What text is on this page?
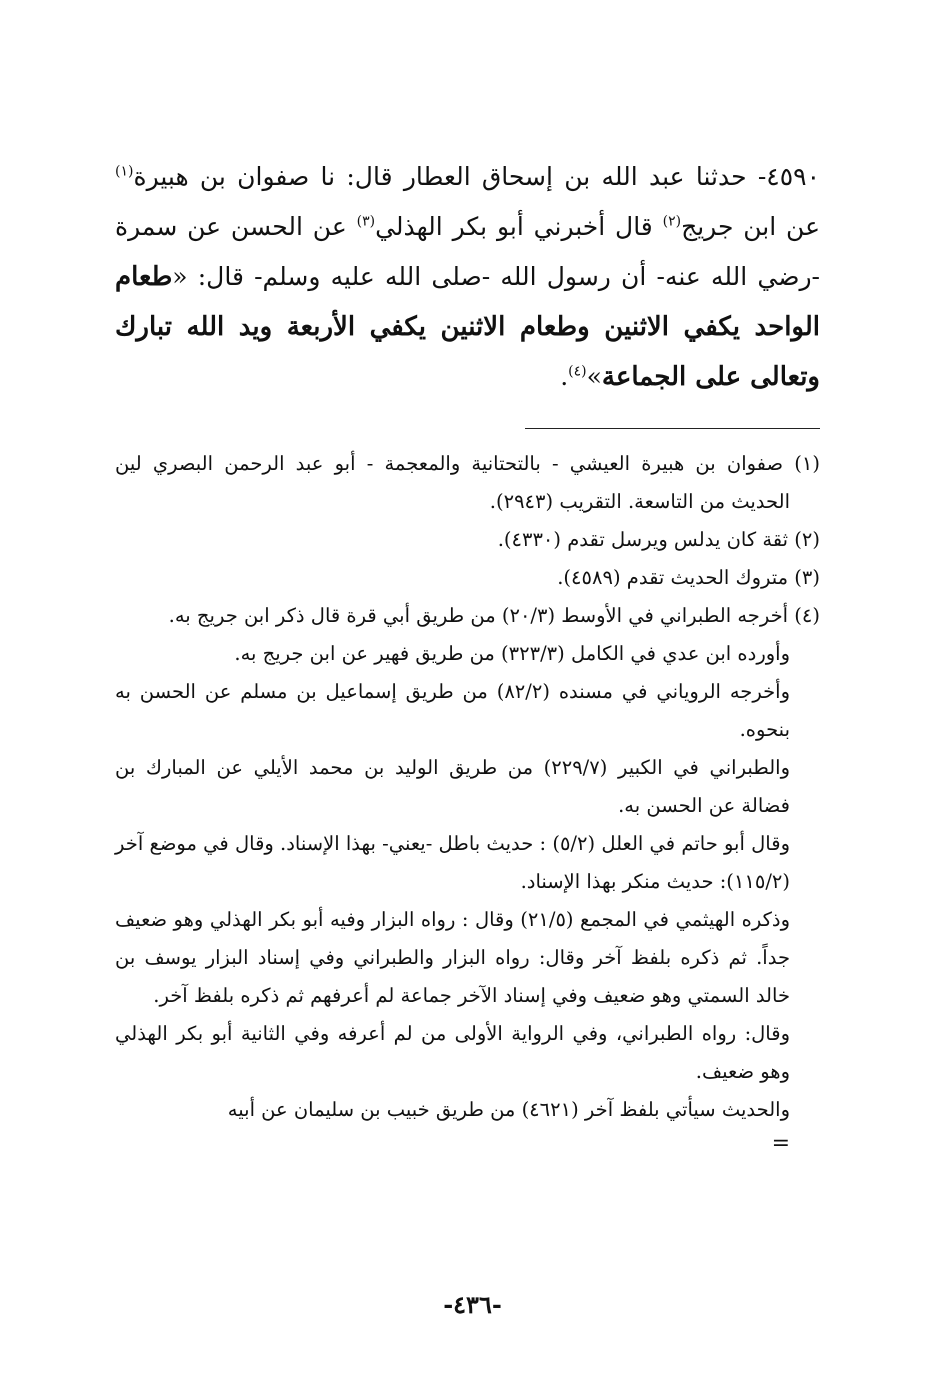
٤٥٩٠- حدثنا عبد الله بن إسحاق العطار قال: نا صفوان بن هبيرة$^{(١)}$ عن ابن جريج$^{(٢)}$ قال أخبرني أبو بكر الهذلي$^{(٣)}$ عن الحسن عن سمرة -رضي الله عنه- أن رسول الله -صلى الله عليه وسلم- قال: «طعام الواحد يكفي الاثنين وطعام الاثنين يكفي الأربعة ويد الله تبارك وتعالى على الجماعة»$^{(٤)}$.

(١) صفوان بن هبيرة العيشي - بالتحتانية والمعجمة - أبو عبد الرحمن البصري لين الحديث من التاسعة. التقريب (٢٩٤٣).

(٢) ثقة كان يدلس ويرسل تقدم (٤٣٣٠).

(٣) متروك الحديث تقدم (٤٥٨٩).

(٤) أخرجه الطبراني في الأوسط (٢٠/٣) من طريق أبي قرة قال ذكر ابن جريج به.

وأورده ابن عدي في الكامل (٣٢٣/٣) من طريق فهير عن ابن جريج به.

وأخرجه الروياني في مسنده (٨٢/٢) من طريق إسماعيل بن مسلم عن الحسن به بنحوه.

والطبراني في الكبير (٢٢٩/٧) من طريق الوليد بن محمد الأيلي عن المبارك بن فضالة عن الحسن به.

وقال أبو حاتم في العلل (٥/٢) : حديث باطل -يعني- بهذا الإسناد. وقال في موضع آخر (١١٥/٢): حديث منكر بهذا الإسناد.

وذكره الهيثمي في المجمع (٢١/٥) وقال : رواه البزار وفيه أبو بكر الهذلي وهو ضعيف جداً. ثم ذكره بلفظ آخر وقال: رواه البزار والطبراني وفي إسناد البزار يوسف بن خالد السمتي وهو ضعيف وفي إسناد الآخر جماعة لم أعرفهم ثم ذكره بلفظ آخر.

وقال: رواه الطبراني، وفي الرواية الأولى من لم أعرفه وفي الثانية أبو بكر الهذلي وهو ضعيف.

والحديث سيأتي بلفظ آخر (٤٦٢١) من طريق خبيب بن سليمان عن أبيه

=

-٤٣٦-
